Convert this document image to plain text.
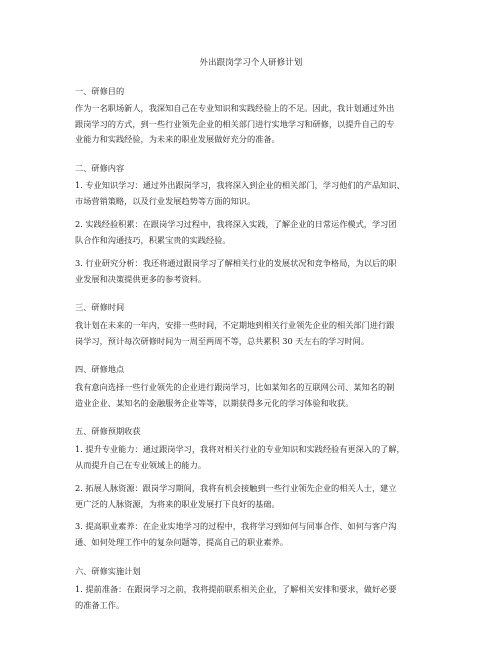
外出跟岗学习个人研修计划
一、研修目的
作为一名职场新人，我深知自己在专业知识和实践经验上的不足。因此，我计划通过外出
跟岗学习的方式，到一些行业领先企业的相关部门进行实地学习和研修，以提升自己的专
业能力和实践经验，为未来的职业发展做好充分的准备。
二、研修内容
1. 专业知识学习：通过外出跟岗学习，我将深入到企业的相关部门，学习他们的产品知识、
市场营销策略，以及行业发展趋势等方面的知识。
2. 实践经验积累：在跟岗学习过程中，我将深入实践，了解企业的日常运作模式，学习团
队合作和沟通技巧，积累宝贵的实践经验。
3. 行业研究分析：我还将通过跟岗学习了解相关行业的发展状况和竞争格局，为以后的职
业发展和决策提供更多的参考资料。
三、研修时间
我计划在未来的一年内，安排一些时间，不定期地到相关行业领先企业的相关部门进行跟
岗学习，预计每次研修时间为一周至两周不等，总共累积 30 天左右的学习时间。
四、研修地点
我有意向选择一些行业领先的企业进行跟岗学习，比如某知名的互联网公司、某知名的制
造业企业、某知名的金融服务企业等等，以期获得多元化的学习体验和收获。
五、研修预期收获
1. 提升专业能力：通过跟岗学习，我将对相关行业的专业知识和实践经验有更深入的了解，
从而提升自己在专业领域上的能力。
2. 拓展人脉资源：跟岗学习期间，我将有机会接触到一些行业领先企业的相关人士，建立
更广泛的人脉资源，为将来的职业发展打下良好的基础。
3. 提高职业素养：在企业实地学习的过程中，我将学习到如何与同事合作、如何与客户沟
通、如何处理工作中的复杂问题等，提高自己的职业素养。
六、研修实施计划
1. 提前准备：在跟岗学习之前，我将提前联系相关企业，了解相关安排和要求，做好必要
的准备工作。
